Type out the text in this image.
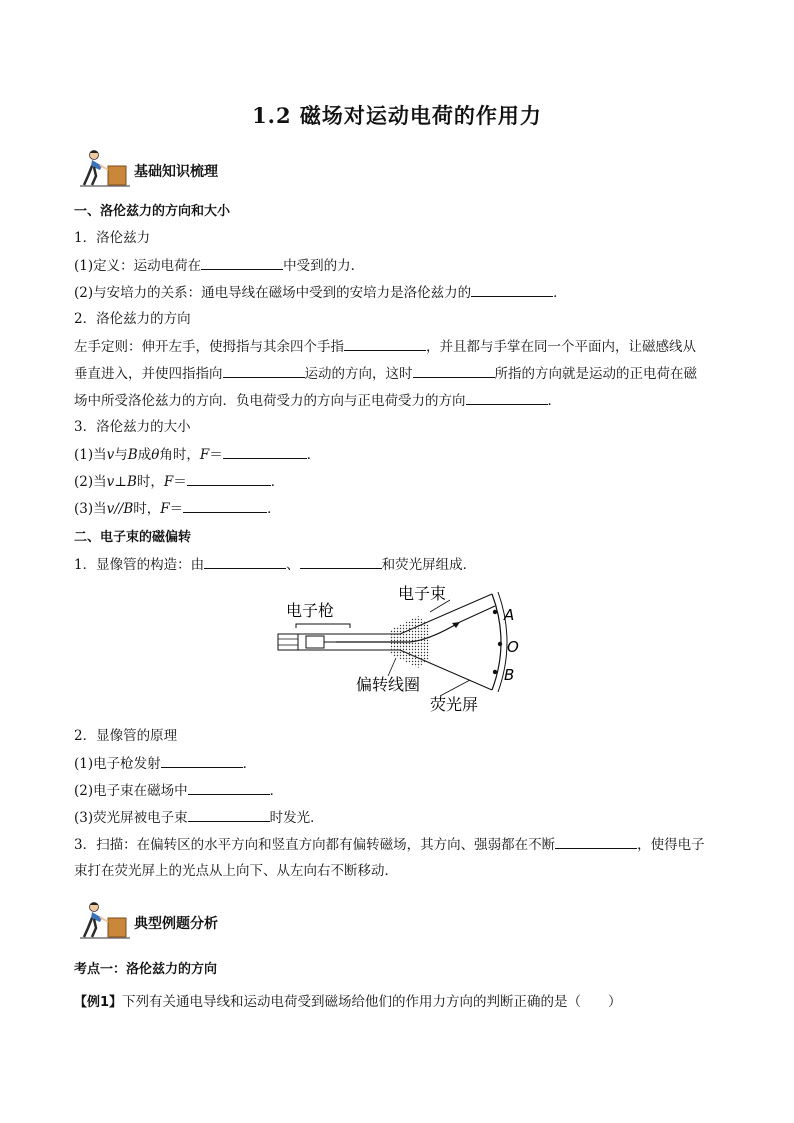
1.2 磁场对运动电荷的作用力
基础知识梳理
一、洛伦兹力的方向和大小
1．洛伦兹力
(1)定义：运动电荷在	中受到的力．
(2)与安培力的关系：通电导线在磁场中受到的安培力是洛伦兹力的	．
2．洛伦兹力的方向
左手定则：伸开左手，使拇指与其余四个手指	，并且都与手掌在同一个平面内，让磁感线从
垂直进入，并使四指指向	运动的方向，这时	所指的方向就是运动的正电荷在磁
场中所受洛伦兹力的方向．负电荷受力的方向与正电荷受力的方向	．
3．洛伦兹力的大小
(1)当v与B成θ角时，F＝	．
(2)当v⊥B时，F＝	．
(3)当v//B时，F＝	．
二、电子束的磁偏转
1．显像管的构造：由	、	和荧光屏组成．
电子枪
电子束
偏转线圈
荧光屏
A
O
B
2．显像管的原理
(1)电子枪发射	．
(2)电子束在磁场中	．
(3)荧光屏被电子束	时发光．
3．扫描：在偏转区的水平方向和竖直方向都有偏转磁场，其方向、强弱都在不断	，使得电子
束打在荧光屏上的光点从上向下、从左向右不断移动．
典型例题分析
考点一：洛伦兹力的方向
【例1】下列有关通电导线和运动电荷受到磁场给他们的作用力方向的判断正确的是（　　）
